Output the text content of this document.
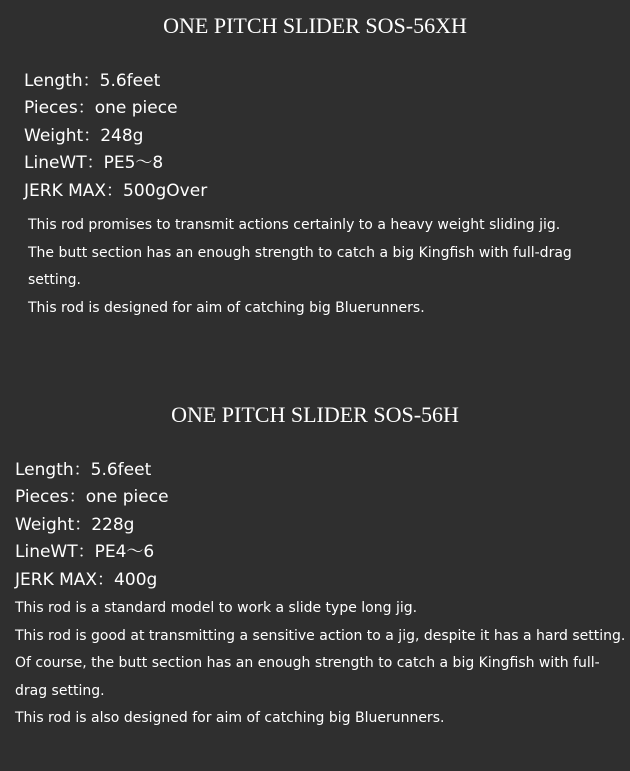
ONE PITCH SLIDER SOS-56XH
Length：5.6feet
Pieces：one piece
Weight：248g
LineWT：PE5～8
JERK MAX：500gOver

This rod promises to transmit actions certainly to a heavy weight sliding jig.

The butt section has an enough strength to catch a big Kingfish with full-drag setting.

This rod is designed for aim of catching big Bluerunners.

ONE PITCH SLIDER SOS-56H
Length：5.6feet
Pieces：one piece
Weight：228g
LineWT：PE4～6
JERK MAX：400g

This rod is a standard model to work a slide type long jig.

This rod is good at transmitting a sensitive action to a jig, despite it has a hard setting.

Of course, the butt section has an enough strength to catch a big Kingfish with full-drag setting.

This rod is also designed for aim of catching big Bluerunners.
